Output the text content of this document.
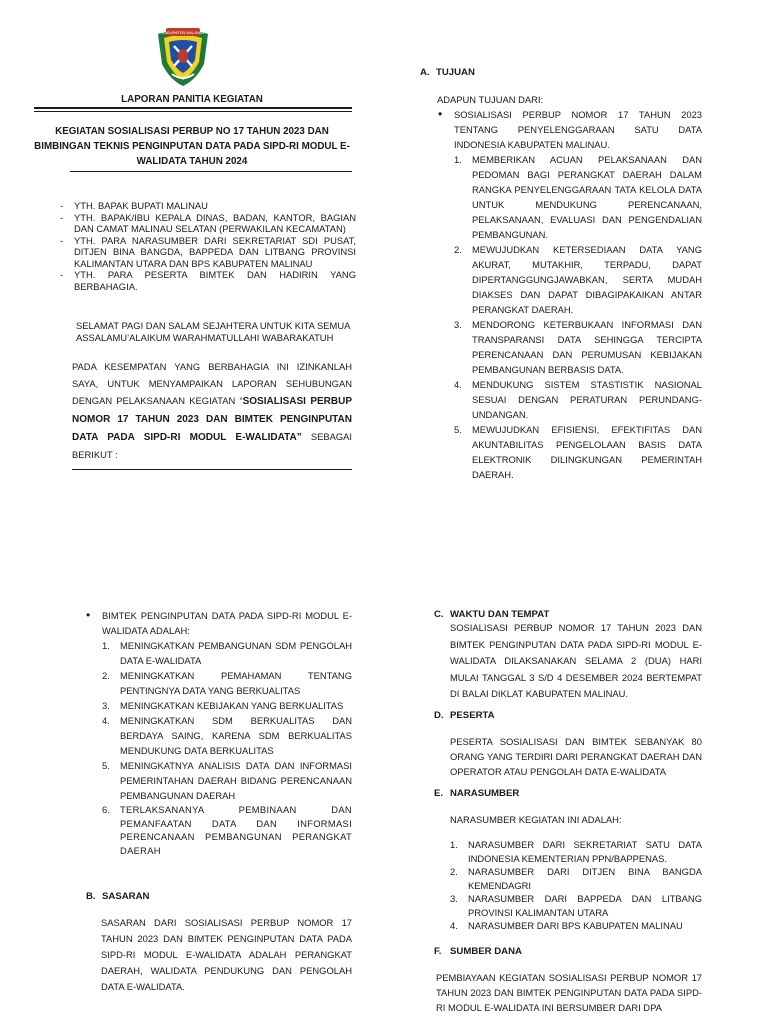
KABUPATEN MALINAU
LAPORAN PANITIA KEGIATAN
KEGIATAN SOSIALISASI PERBUP NO 17 TAHUN 2023 DAN BIMBINGAN TEKNIS PENGINPUTAN DATA PADA SIPD-RI MODUL E-WALIDATA TAHUN 2024
- YTH. BAPAK BUPATI MALINAU
- YTH. BAPAK/IBU KEPALA DINAS, BADAN, KANTOR, BAGIAN DAN CAMAT MALINAU SELATAN (PERWAKILAN KECAMATAN)
- YTH. PARA NARASUMBER DARI SEKRETARIAT SDI PUSAT, DITJEN BINA BANGDA, BAPPEDA DAN LITBANG PROVINSI KALIMANTAN UTARA DAN BPS KABUPATEN MALINAU
- YTH. PARA PESERTA BIMTEK DAN HADIRIN YANG BERBAHAGIA.
SELAMAT PAGI DAN SALAM SEJAHTERA UNTUK KITA SEMUA
ASSALAMU’ALAIKUM WARAHMATULLAHI WABARAKATUH
PADA KESEMPATAN YANG BERBAHAGIA INI IZINKANLAH SAYA, UNTUK MENYAMPAIKAN LAPORAN SEHUBUNGAN DENGAN PELAKSANAAN KEGIATAN “SOSIALISASI PERBUP NOMOR 17 TAHUN 2023 DAN BIMTEK PENGINPUTAN DATA PADA SIPD-RI MODUL E-WALIDATA” SEBAGAI BERIKUT :
A. TUJUAN
ADAPUN TUJUAN DARI:
• SOSIALISASI PERBUP NOMOR 17 TAHUN 2023 TENTANG PENYELENGGARAAN SATU DATA INDONESIA KABUPATEN MALINAU.
1. MEMBERIKAN ACUAN PELAKSANAAN DAN PEDOMAN BAGI PERANGKAT DAERAH DALAM RANGKA PENYELENGGARAAN TATA KELOLA DATA UNTUK MENDUKUNG PERENCANAAN, PELAKSANAAN, EVALUASI DAN PENGENDALIAN PEMBANGUNAN.
2. MEWUJUDKAN KETERSEDIAAN DATA YANG AKURAT, MUTAKHIR, TERPADU, DAPAT DIPERTANGGUNGJAWABKAN, SERTA MUDAH DIAKSES DAN DAPAT DIBAGIPAKAIKAN ANTAR PERANGKAT DAERAH.
3. MENDORONG KETERBUKAAN INFORMASI DAN TRANSPARANSI DATA SEHINGGA TERCIPTA PERENCANAAN DAN PERUMUSAN KEBIJAKAN PEMBANGUNAN BERBASIS DATA.
4. MENDUKUNG SISTEM STASTISTIK NASIONAL SESUAI DENGAN PERATURAN PERUNDANG-UNDANGAN.
5. MEWUJUDKAN EFISIENSI, EFEKTIFITAS DAN AKUNTABILITAS PENGELOLAAN BASIS DATA ELEKTRONIK DILINGKUNGAN PEMERINTAH DAERAH.
• BIMTEK PENGINPUTAN DATA PADA SIPD-RI MODUL E-WALIDATA ADALAH:
1. MENINGKATKAN PEMBANGUNAN SDM PENGOLAH DATA E-WALIDATA
2. MENINGKATKAN PEMAHAMAN TENTANG PENTINGNYA DATA YANG BERKUALITAS
3. MENINGKATKAN KEBIJAKAN YANG BERKUALITAS
4. MENINGKATKAN SDM BERKUALITAS DAN BERDAYA SAING, KARENA SDM BERKUALITAS MENDUKUNG DATA BERKUALITAS
5. MENINGKATNYA ANALISIS DATA DAN INFORMASI PEMERINTAHAN DAERAH BIDANG PERENCANAAN PEMBANGUNAN DAERAH
6. TERLAKSANANYA PEMBINAAN DAN PEMANFAATAN DATA DAN INFORMASI PERENCANAAN PEMBANGUNAN PERANGKAT DAERAH
B. SASARAN
SASARAN DARI SOSIALISASI PERBUP NOMOR 17 TAHUN 2023 DAN BIMTEK PENGINPUTAN DATA PADA SIPD-RI MODUL E-WALIDATA ADALAH PERANGKAT DAERAH, WALIDATA PENDUKUNG DAN PENGOLAH DATA E-WALIDATA.
C. WAKTU DAN TEMPAT
SOSIALISASI PERBUP NOMOR 17 TAHUN 2023 DAN BIMTEK PENGINPUTAN DATA PADA SIPD-RI MODUL E-WALIDATA DILAKSANAKAN SELAMA 2 (DUA) HARI MULAI TANGGAL 3 S/D 4 DESEMBER 2024 BERTEMPAT DI BALAI DIKLAT KABUPATEN MALINAU.
D. PESERTA
PESERTA SOSIALISASI DAN BIMTEK SEBANYAK 80 ORANG YANG TERDIRI DARI PERANGKAT DAERAH DAN OPERATOR ATAU PENGOLAH DATA E-WALIDATA
E. NARASUMBER
NARASUMBER KEGIATAN INI ADALAH:
1. NARASUMBER DARI SEKRETARIAT SATU DATA INDONESIA KEMENTERIAN PPN/BAPPENAS.
2. NARASUMBER DARI DITJEN BINA BANGDA KEMENDAGRI
3. NARASUMBER DARI BAPPEDA DAN LITBANG PROVINSI KALIMANTAN UTARA
4. NARASUMBER DARI BPS KABUPATEN MALINAU
F. SUMBER DANA
PEMBIAYAAN KEGIATAN SOSIALISASI PERBUP NOMOR 17 TAHUN 2023 DAN BIMTEK PENGINPUTAN DATA PADA SIPD-RI MODUL E-WALIDATA INI BERSUMBER DARI DPA
